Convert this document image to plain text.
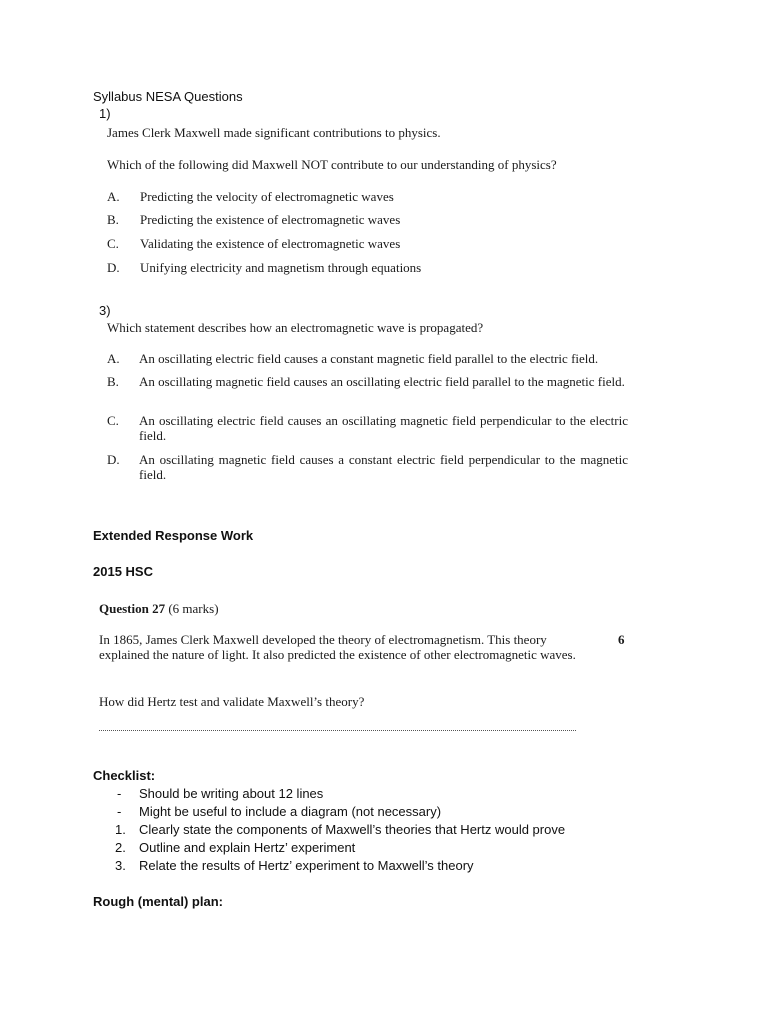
Syllabus NESA Questions
1)
James Clerk Maxwell made significant contributions to physics.
Which of the following did Maxwell NOT contribute to our understanding of physics?
A. Predicting the velocity of electromagnetic waves
B. Predicting the existence of electromagnetic waves
C. Validating the existence of electromagnetic waves
D. Unifying electricity and magnetism through equations
3)
Which statement describes how an electromagnetic wave is propagated?
A. An oscillating electric field causes a constant magnetic field parallel to the electric field.
B. An oscillating magnetic field causes an oscillating electric field parallel to the magnetic field.
C. An oscillating electric field causes an oscillating magnetic field perpendicular to the electric field.
D. An oscillating magnetic field causes a constant electric field perpendicular to the magnetic field.
Extended Response Work
2015 HSC
Question 27 (6 marks)
In 1865, James Clerk Maxwell developed the theory of electromagnetism. This theory explained the nature of light. It also predicted the existence of other electromagnetic waves.
6
How did Hertz test and validate Maxwell’s theory?
Checklist:
-	Should be writing about 12 lines
-	Might be useful to include a diagram (not necessary)
1.	Clearly state the components of Maxwell’s theories that Hertz would prove
2.	Outline and explain Hertz’ experiment
3.	Relate the results of Hertz’ experiment to Maxwell’s theory
Rough (mental) plan:
